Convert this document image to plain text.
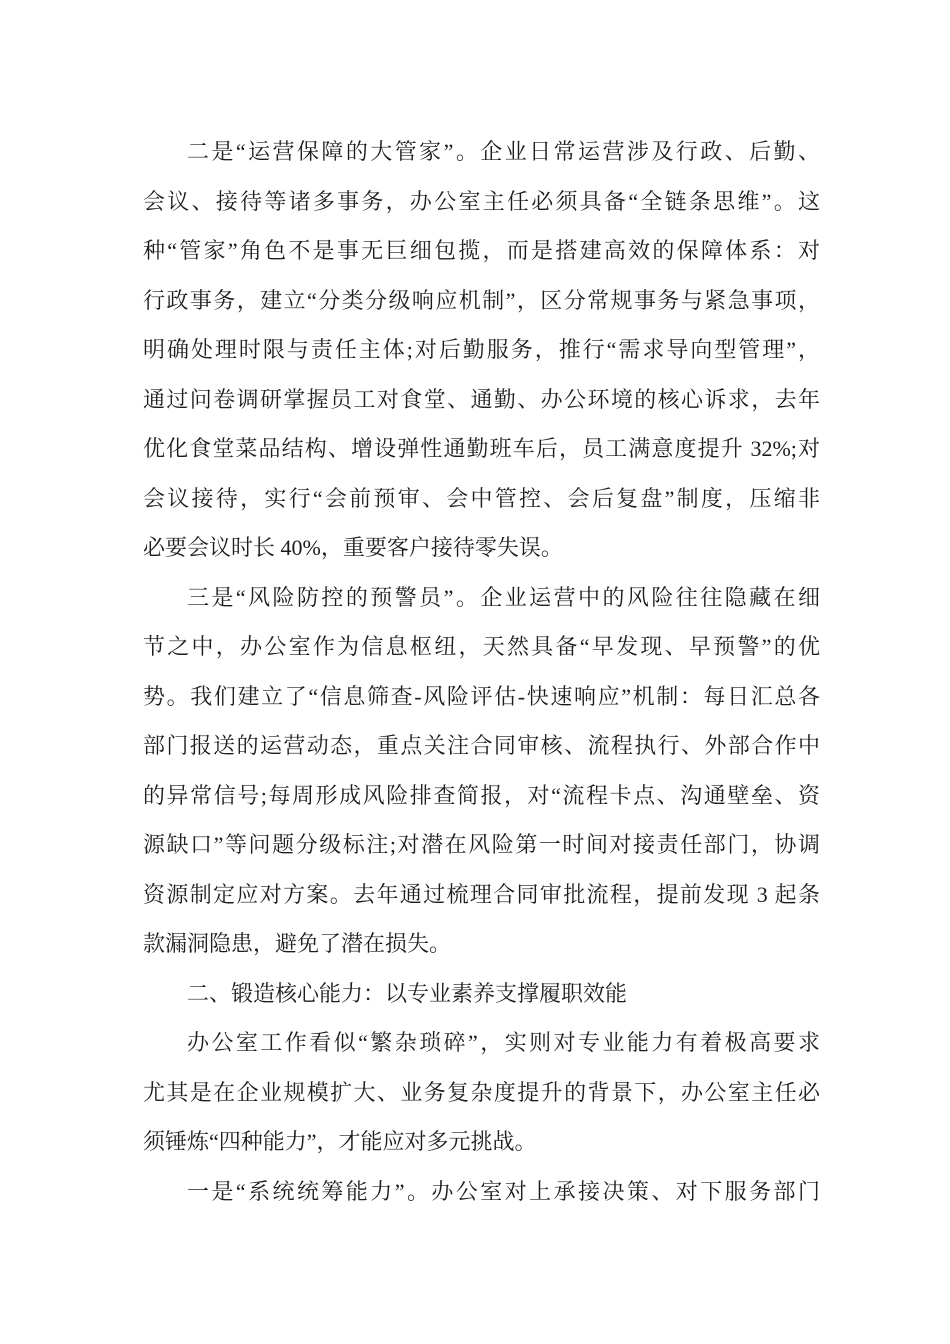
二是“运营保障的大管家”。企业日常运营涉及行政、后勤、
会议、接待等诸多事务，办公室主任必须具备“全链条思维”。这
种“管家”角色不是事无巨细包揽，而是搭建高效的保障体系：对
行政事务，建立“分类分级响应机制”，区分常规事务与紧急事项，
明确处理时限与责任主体;对后勤服务，推行“需求导向型管理”，
通过问卷调研掌握员工对食堂、通勤、办公环境的核心诉求，去年
优化食堂菜品结构、增设弹性通勤班车后，员工满意度提升 32%;对
会议接待，实行“会前预审、会中管控、会后复盘”制度，压缩非
必要会议时长 40%，重要客户接待零失误。
三是“风险防控的预警员”。企业运营中的风险往往隐藏在细
节之中，办公室作为信息枢纽，天然具备“早发现、早预警”的优
势。我们建立了“信息筛查-风险评估-快速响应”机制：每日汇总各
部门报送的运营动态，重点关注合同审核、流程执行、外部合作中
的异常信号;每周形成风险排查简报，对“流程卡点、沟通壁垒、资
源缺口”等问题分级标注;对潜在风险第一时间对接责任部门，协调
资源制定应对方案。去年通过梳理合同审批流程，提前发现 3 起条
款漏洞隐患，避免了潜在损失。
二、锻造核心能力：以专业素养支撑履职效能
办公室工作看似“繁杂琐碎”，实则对专业能力有着极高要求
尤其是在企业规模扩大、业务复杂度提升的背景下，办公室主任必
须锤炼“四种能力”，才能应对多元挑战。
一是“系统统筹能力”。办公室对上承接决策、对下服务部门
